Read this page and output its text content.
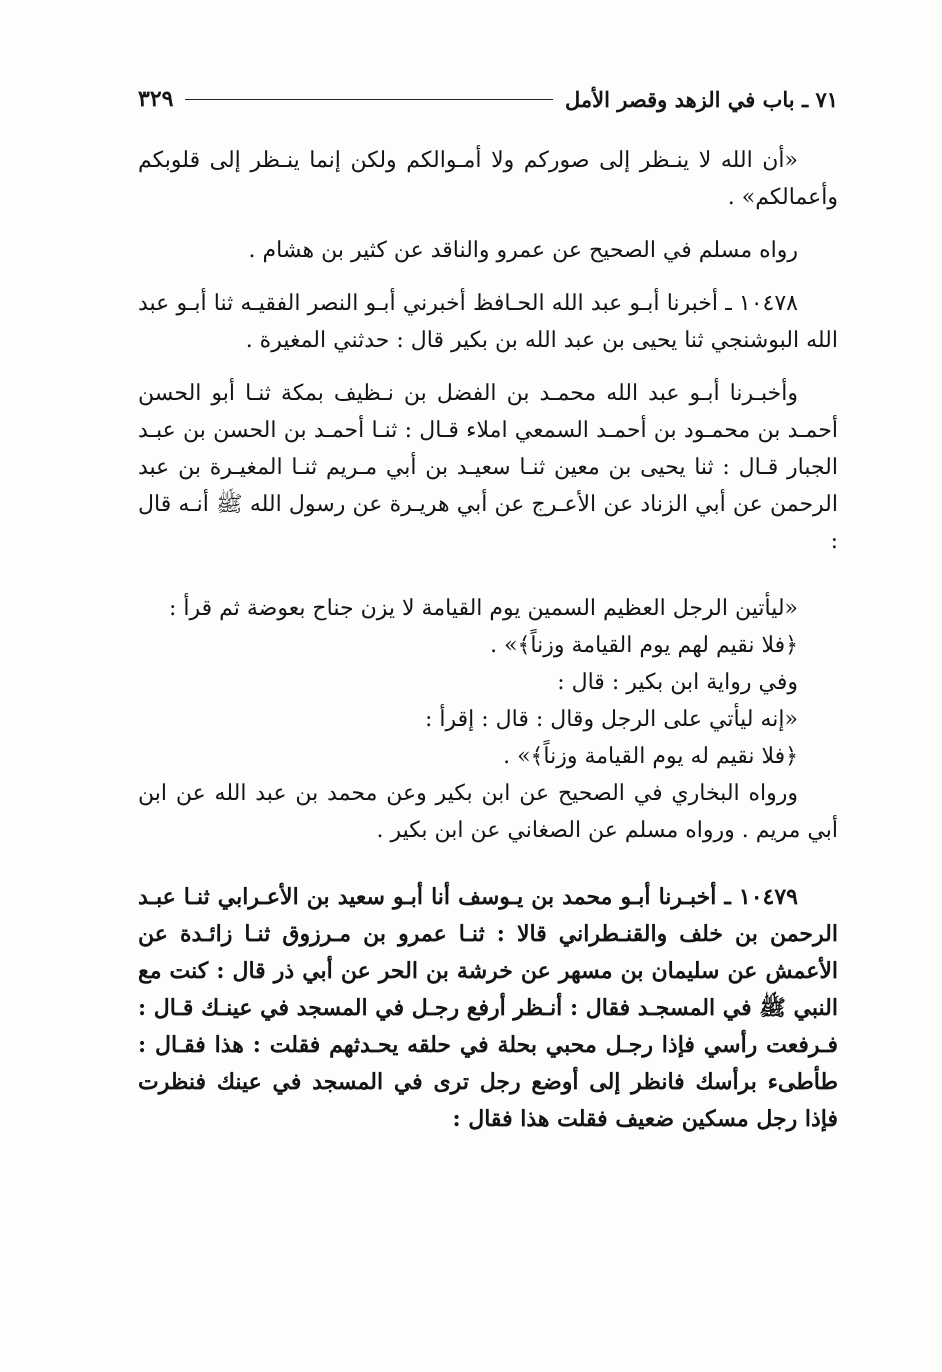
٧١ ـ باب في الزهد وقصر الأمل
٣٢٩

«أن الله لا ينـظر إلى صوركم ولا أمـوالكم ولكن إنما ينـظر إلى قلوبكم وأعمالكم» .

رواه مسلم في الصحيح عن عمرو والناقد عن كثير بن هشام .

١٠٤٧٨ ـ أخبرنا أبـو عبد الله الحـافظ أخبرني أبـو النصر الفقيـه ثنا أبـو عبد الله البوشنجي ثنا يحيى بن عبد الله بن بكير قال : حدثني المغيرة .

وأخبـرنا أبـو عبد الله محمـد بن الفضل بن نـظيف بمكة ثنـا أبو الحسن أحمـد بن محمـود بن أحمـد السمعي املاء قـال : ثنـا أحمـد بن الحسن بن عبـد الجبار قـال : ثنا يحيى بن معين ثنـا سعيـد بن أبي مـريم ثنـا المغيـرة بن عبد الرحمن عن أبي الزناد عن الأعـرج عن أبي هريـرة عن رسول الله ﷺ أنـه قال :

«ليأتين الرجل العظيم السمين يوم القيامة لا يزن جناح بعوضة ثم قرأ :

﴿فلا نقيم لهم يوم القيامة وزناً﴾» .

وفي رواية ابن بكير : قال :

«إنه ليأتي على الرجل وقال : قال : إقرأ :

﴿فلا نقيم له يوم القيامة وزناً﴾» .

ورواه البخاري في الصحيح عن ابن بكير وعن محمد بن عبد الله عن ابن أبي مريم . ورواه مسلم عن الصغاني عن ابن بكير .

١٠٤٧٩ ـ أخبـرنا أبـو محمد بن يـوسف أنا أبـو سعيد بن الأعـرابي ثنـا عبـد الرحمن بن خلف والقنـطراني قالا : ثنـا عمرو بن مـرزوق ثنـا زائـدة عن الأعمش عن سليمان بن مسهر عن خرشة بن الحر عن أبي ذر قال : كنت مع النبي ﷺ في المسجـد فقال : أنـظر أرفع رجـل في المسجد في عينـك قـال : فـرفعت رأسي فإذا رجـل محبي بحلة في حلقه يحـدثهم فقلت : هذا فقـال : طأطىء برأسك فانظر إلى أوضع رجل ترى في المسجد في عينك فنظرت فإذا رجل مسكين ضعيف فقلت هذا فقال :
